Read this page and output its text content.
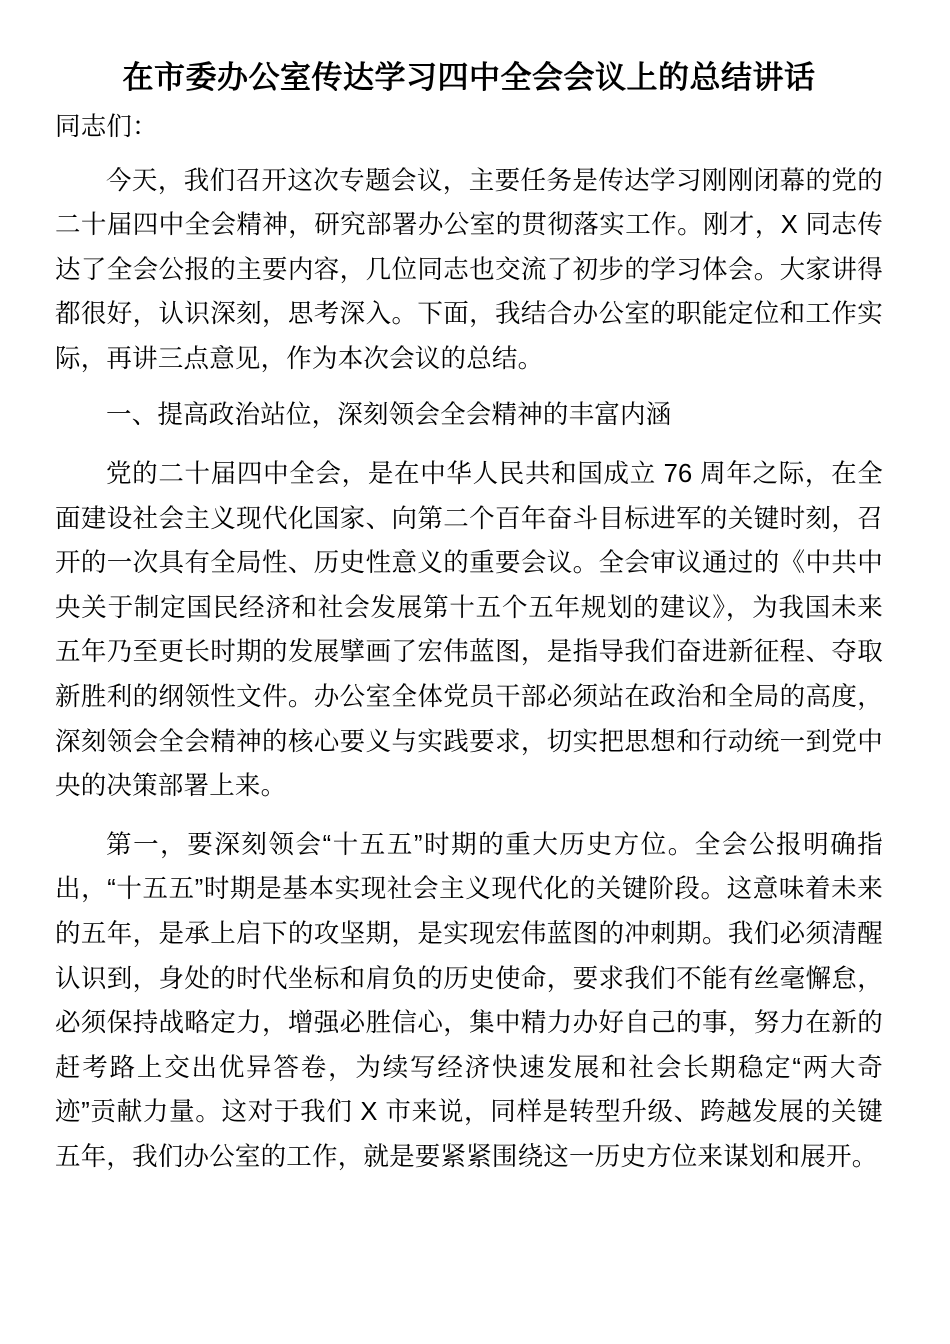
在市委办公室传达学习四中全会会议上的总结讲话

同志们：

今天，我们召开这次专题会议，主要任务是传达学习刚刚闭幕的党的二十届四中全会精神，研究部署办公室的贯彻落实工作。刚才，X 同志传达了全会公报的主要内容，几位同志也交流了初步的学习体会。大家讲得都很好，认识深刻，思考深入。下面，我结合办公室的职能定位和工作实际，再讲三点意见，作为本次会议的总结。

一、提高政治站位，深刻领会全会精神的丰富内涵

党的二十届四中全会，是在中华人民共和国成立 76 周年之际，在全面建设社会主义现代化国家、向第二个百年奋斗目标进军的关键时刻，召开的一次具有全局性、历史性意义的重要会议。全会审议通过的《中共中央关于制定国民经济和社会发展第十五个五年规划的建议》，为我国未来五年乃至更长时期的发展擘画了宏伟蓝图，是指导我们奋进新征程、夺取新胜利的纲领性文件。办公室全体党员干部必须站在政治和全局的高度，深刻领会全会精神的核心要义与实践要求，切实把思想和行动统一到党中央的决策部署上来。

第一，要深刻领会“十五五”时期的重大历史方位。全会公报明确指出，“十五五”时期是基本实现社会主义现代化的关键阶段。这意味着未来的五年，是承上启下的攻坚期，是实现宏伟蓝图的冲刺期。我们必须清醒认识到，身处的时代坐标和肩负的历史使命，要求我们不能有丝毫懈怠，必须保持战略定力，增强必胜信心，集中精力办好自己的事，努力在新的赶考路上交出优异答卷，为续写经济快速发展和社会长期稳定“两大奇迹”贡献力量。这对于我们 X 市来说，同样是转型升级、跨越发展的关键五年，我们办公室的工作，就是要紧紧围绕这一历史方位来谋划和展开。
